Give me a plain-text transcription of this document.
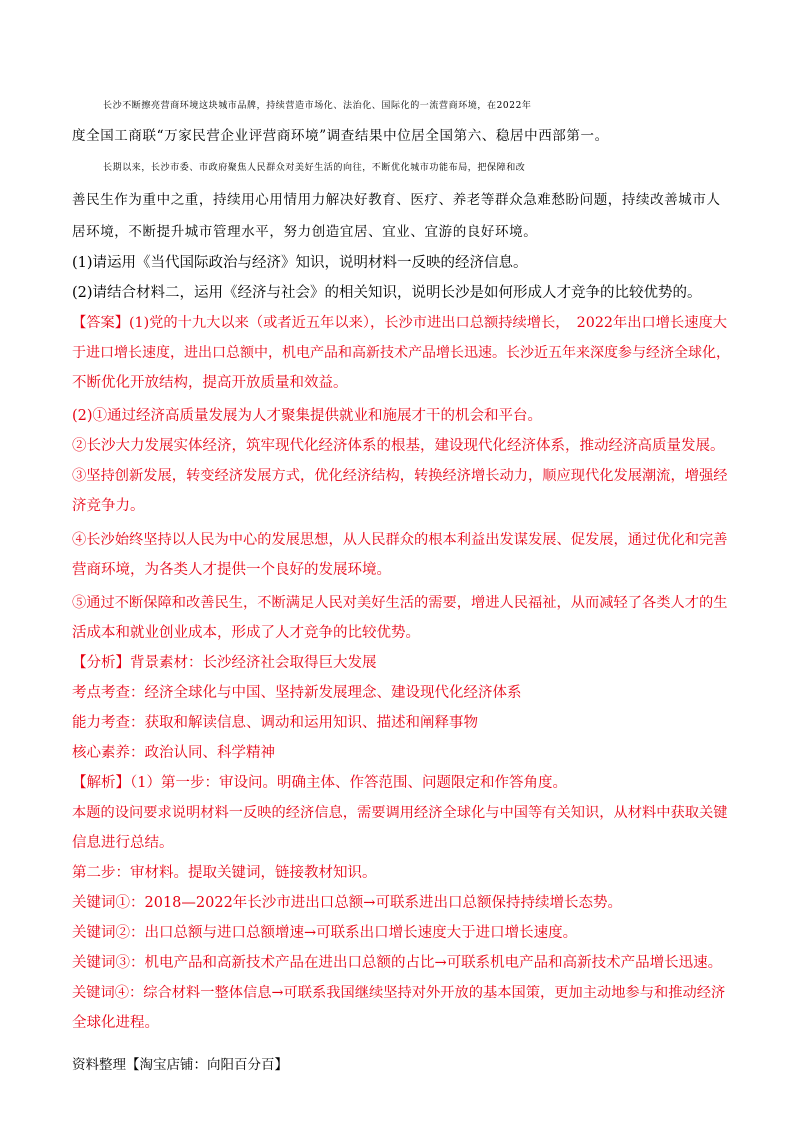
长沙不断擦亮营商环境这块城市品牌，持续营造市场化、法治化、国际化的一流营商环境，在2022年
度全国工商联“万家民营企业评营商环境”调查结果中位居全国第六、稳居中西部第一。
长期以来，长沙市委、市政府聚焦人民群众对美好生活的向往，不断优化城市功能布局，把保障和改
善民生作为重中之重，持续用心用情用力解决好教育、医疗、养老等群众急难愁盼问题，持续改善城市人
居环境，不断提升城市管理水平，努力创造宜居、宜业、宜游的良好环境。
(1)请运用《当代国际政治与经济》知识，说明材料一反映的经济信息。
(2)请结合材料二，运用《经济与社会》的相关知识，说明长沙是如何形成人才竞争的比较优势的。
【答案】(1)党的十九大以来（或者近五年以来），长沙市进出口总额持续增长，　2022年出口增长速度大
于进口增长速度，进出口总额中，机电产品和高新技术产品增长迅速。长沙近五年来深度参与经济全球化，
不断优化开放结构，提高开放质量和效益。
(2)①通过经济高质量发展为人才聚集提供就业和施展才干的机会和平台。
②长沙大力发展实体经济，筑牢现代化经济体系的根基，建设现代化经济体系，推动经济高质量发展。
③坚持创新发展，转变经济发展方式，优化经济结构，转换经济增长动力，顺应现代化发展潮流，增强经
济竞争力。
④长沙始终坚持以人民为中心的发展思想，从人民群众的根本利益出发谋发展、促发展，通过优化和完善
营商环境，为各类人才提供一个良好的发展环境。
⑤通过不断保障和改善民生，不断满足人民对美好生活的需要，增进人民福祉，从而减轻了各类人才的生
活成本和就业创业成本，形成了人才竞争的比较优势。
【分析】背景素材：长沙经济社会取得巨大发展
考点考查：经济全球化与中国、坚持新发展理念、建设现代化经济体系
能力考查：获取和解读信息、调动和运用知识、描述和阐释事物
核心素养：政治认同、科学精神
【解析】（1）第一步：审设问。明确主体、作答范围、问题限定和作答角度。
本题的设问要求说明材料一反映的经济信息，需要调用经济全球化与中国等有关知识，从材料中获取关键
信息进行总结。
第二步：审材料。提取关键词，链接教材知识。
关键词①：2018—2022年长沙市进出口总额→可联系进出口总额保持持续增长态势。
关键词②：出口总额与进口总额增速→可联系出口增长速度大于进口增长速度。
关键词③：机电产品和高新技术产品在进出口总额的占比→可联系机电产品和高新技术产品增长迅速。
关键词④：综合材料一整体信息→可联系我国继续坚持对外开放的基本国策，更加主动地参与和推动经济
全球化进程。
资料整理【淘宝店铺：向阳百分百】
